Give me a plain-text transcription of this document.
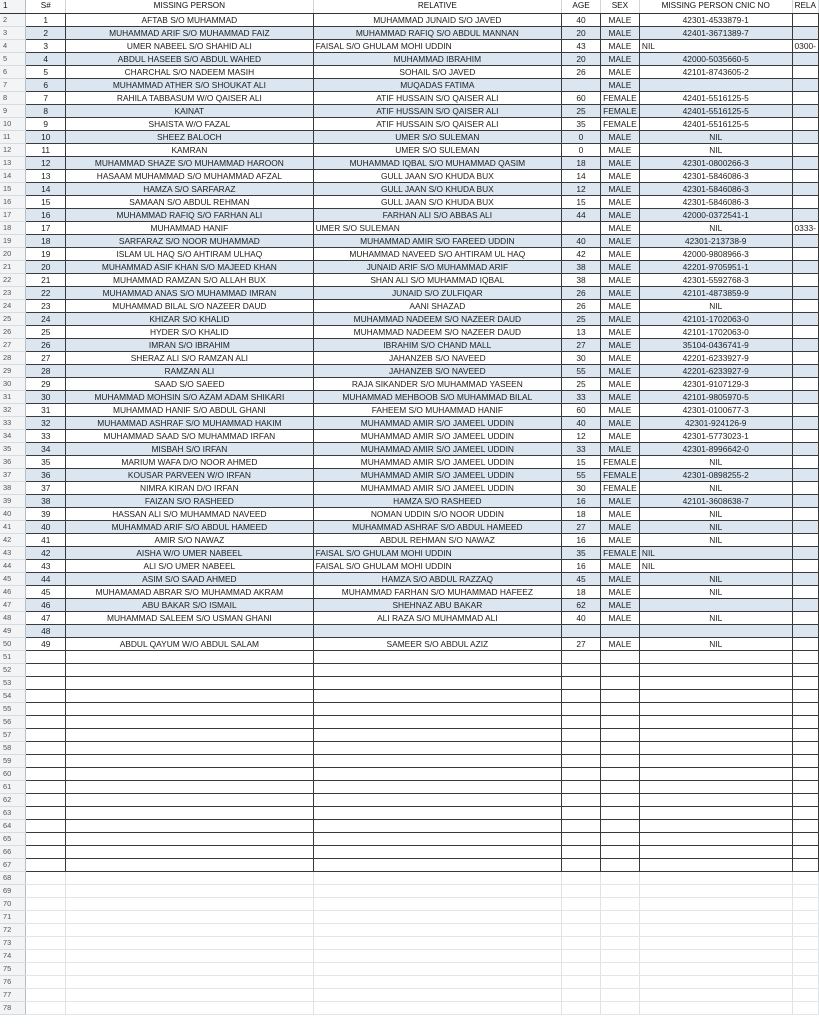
1	S#	MISSING PERSON	RELATIVE	AGE	SEX	MISSING PERSON CNIC NO	RELA
2	1	AFTAB S/O MUHAMMAD	MUHAMMAD JUNAID S/O JAVED	40	MALE	42301-4533879-1	
3	2	MUHAMMAD ARIF S/O MUHAMMAD FAIZ	MUHAMMAD RAFIQ S/O ABDUL MANNAN	20	MALE	42401-3671389-7	
4	3	UMER NABEEL S/O SHAHID ALI	FAISAL S/O GHULAM MOHI UDDIN	43	MALE	NIL	0300-
5	4	ABDUL HASEEB S/O ABDUL WAHED	MUHAMMAD IBRAHIM	20	MALE	42000-5035660-5	
6	5	CHARCHAL S/O NADEEM MASIH	SOHAIL S/O JAVED	26	MALE	42101-8743605-2	
7	6	MUHAMMAD ATHER S/O SHOUKAT ALI	MUQADAS FATIMA		MALE		
8	7	RAHILA TABBASUM W/O QAISER ALI	ATIF HUSSAIN S/O QAISER ALI	60	FEMALE	42401-5516125-5	
9	8	KAINAT	ATIF HUSSAIN S/O QAISER ALI	25	FEMALE	42401-5516125-5	
10	9	SHAISTA W/O FAZAL	ATIF HUSSAIN S/O QAISER ALI	35	FEMALE	42401-5516125-5	
11	10	SHEEZ BALOCH	UMER S/O SULEMAN	0	MALE	NIL	
12	11	KAMRAN	UMER S/O SULEMAN	0	MALE	NIL	
13	12	MUHAMMAD SHAZE S/O MUHAMMAD HAROON	MUHAMMAD IQBAL S/O MUHAMMAD QASIM	18	MALE	42301-0800266-3	
14	13	HASAAM MUHAMMAD S/O MUHAMMAD AFZAL	GULL JAAN S/O KHUDA BUX	14	MALE	42301-5846086-3	
15	14	HAMZA S/O SARFARAZ	GULL JAAN S/O KHUDA BUX	12	MALE	42301-5846086-3	
16	15	SAMAAN S/O ABDUL REHMAN	GULL JAAN S/O KHUDA BUX	15	MALE	42301-5846086-3	
17	16	MUHAMMAD RAFIQ S/O FARHAN ALI	FARHAN ALI S/O ABBAS ALI	44	MALE	42000-0372541-1	
18	17	MUHAMMAD HANIF	UMER S/O SULEMAN		MALE	NIL	0333-
19	18	SARFARAZ S/O NOOR MUHAMMAD	MUHAMMAD AMIR S/O FAREED UDDIN	40	MALE	42301-213738-9	
20	19	ISLAM UL HAQ S/O AHTIRAM ULHAQ	MUHAMMAD NAVEED S/O AHTIRAM UL HAQ	42	MALE	42000-9808966-3	
21	20	MUHAMMAD ASIF KHAN S/O MAJEED KHAN	JUNAID ARIF S/O MUHAMMAD ARIF	38	MALE	42201-9705951-1	
22	21	MUHAMMAD RAMZAN S/O ALLAH BUX	SHAN ALI S/O MUHAMMAD IQBAL	38	MALE	42301-5592768-3	
23	22	MUHAMMAD ANAS S/O MUHAMMAD IMRAN	JUNAID S/O ZULFIQAR	26	MALE	42101-4873859-9	
24	23	MUHAMMAD BILAL S/O NAZEER DAUD	AANI SHAZAD	26	MALE	NIL	
25	24	KHIZAR S/O KHALID	MUHAMMAD NADEEM S/O NAZEER DAUD	25	MALE	42101-1702063-0	
26	25	HYDER S/O KHALID	MUHAMMAD NADEEM S/O NAZEER DAUD	13	MALE	42101-1702063-0	
27	26	IMRAN S/O IBRAHIM	IBRAHIM S/O CHAND MALL	27	MALE	35104-0436741-9	
28	27	SHERAZ ALI S/O RAMZAN ALI	JAHANZEB S/O NAVEED	30	MALE	42201-6233927-9	
29	28	RAMZAN ALI	JAHANZEB S/O NAVEED	55	MALE	42201-6233927-9	
30	29	SAAD S/O SAEED	RAJA SIKANDER S/O MUHAMMAD YASEEN	25	MALE	42301-9107129-3	
31	30	MUHAMMAD MOHSIN S/O AZAM ADAM SHIKARI	MUHAMMAD MEHBOOB S/O MUHAMMAD BILAL	33	MALE	42101-9805970-5	
32	31	MUHAMMAD HANIF S/O ABDUL GHANI	FAHEEM S/O MUHAMMAD HANIF	60	MALE	42301-0100677-3	
33	32	MUHAMMAD ASHRAF S/O MUHAMMAD HAKIM	MUHAMMAD AMIR S/O JAMEEL UDDIN	40	MALE	42301-924126-9	
34	33	MUHAMMAD SAAD S/O MUHAMMAD IRFAN	MUHAMMAD AMIR S/O JAMEEL UDDIN	12	MALE	42301-5773023-1	
35	34	MISBAH S/O IRFAN	MUHAMMAD AMIR S/O JAMEEL UDDIN	33	MALE	42301-8996642-0	
36	35	MARIUM WAFA D/O NOOR AHMED	MUHAMMAD AMIR S/O JAMEEL UDDIN	15	FEMALE	NIL	
37	36	KOUSAR PARVEEN W/O IRFAN	MUHAMMAD AMIR S/O JAMEEL UDDIN	55	FEMALE	42301-0898255-2	
38	37	NIMRA KIRAN D/O IRFAN	MUHAMMAD AMIR S/O JAMEEL UDDIN	30	FEMALE	NIL	
39	38	FAIZAN S/O RASHEED	HAMZA S/O RASHEED	16	MALE	42101-3608638-7	
40	39	HASSAN ALI S/O MUHAMMAD NAVEED	NOMAN UDDIN S/O NOOR UDDIN	18	MALE	NIL	
41	40	MUHAMMAD ARIF S/O ABDUL HAMEED	MUHAMMAD ASHRAF S/O ABDUL HAMEED	27	MALE	NIL	
42	41	AMIR S/O NAWAZ	ABDUL REHMAN S/O NAWAZ	16	MALE	NIL	
43	42	AISHA W/O UMER NABEEL	FAISAL S/O GHULAM MOHI UDDIN	35	FEMALE	NIL	
44	43	ALI S/O UMER NABEEL	FAISAL S/O GHULAM MOHI UDDIN	16	MALE	NIL	
45	44	ASIM S/O SAAD AHMED	HAMZA S/O ABDUL RAZZAQ	45	MALE	NIL	
46	45	MUHAMAMAD ABRAR S/O MUHAMMAD AKRAM	MUHAMMAD FARHAN S/O MUHAMMAD HAFEEZ	18	MALE	NIL	
47	46	ABU BAKAR S/O ISMAIL	SHEHNAZ ABU BAKAR	62	MALE		
48	47	MUHAMMAD SALEEM S/O USMAN GHANI	ALI RAZA S/O MUHAMMAD ALI	40	MALE	NIL	
49	48						
50	49	ABDUL QAYUM W/O ABDUL SALAM	SAMEER S/O ABDUL AZIZ	27	MALE	NIL	
51							
52							
53							
54							
55							
56							
57							
58							
59							
60							
61							
62							
63							
64							
65							
66							
67							
68							
69							
70							
71							
72							
73							
74							
75							
76							
77							
78							
